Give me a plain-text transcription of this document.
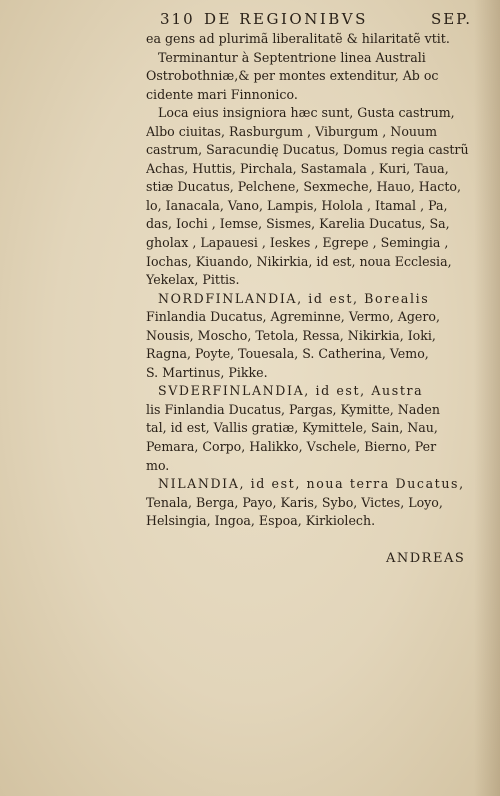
310 DE REGIONIBVS	SEP.
ea gens ad plurimã liberalitatẽ & hilaritatẽ vtit.
Terminantur à Septentrione linea Australi
Ostrobothniæ,& per montes extenditur, Ab oc
cidente mari Finnonico.
Loca eius insigniora hæc sunt, Gusta castrum,
Albo ciuitas, Rasburgum , Viburgum , Nouum
castrum, Saracundię Ducatus, Domus regia castrũ
Achas, Huttis, Pirchala, Sastamala , Kuri, Taua,
stiæ Ducatus, Pelchene, Sexmeche, Hauo, Hacto,
lo, Ianacala, Vano, Lampis, Holola , Itamal , Pa,
das, Iochi , Iemse, Sismes, Karelia Ducatus, Sa,
gholax , Lapauesi , Ieskes , Egrepe , Semingia ,
Iochas, Kiuando, Nikirkia, id est, noua Ecclesia,
Yekelax, Pittis.
NORDFINLANDIA, id est, Borealis
Finlandia Ducatus, Agreminne, Vermo, Agero,
Nousis, Moscho, Tetola, Ressa, Nikirkia, Ioki,
Ragna, Poyte, Touesala, S. Catherina, Vemo,
S. Martinus, Pikke.
SVDERFINLANDIA, id est, Austra
lis Finlandia Ducatus, Pargas, Kymitte, Naden
tal, id est, Vallis gratiæ, Kymittele, Sain, Nau,
Pemara, Corpo, Halikko, Vschele, Bierno, Per
mo.
NILANDIA, id est, noua terra Ducatus,
Tenala, Berga, Payo, Karis, Sybo, Victes, Loyo,
Helsingia, Ingoa, Espoa, Kirkiolech.
ANDREAS
